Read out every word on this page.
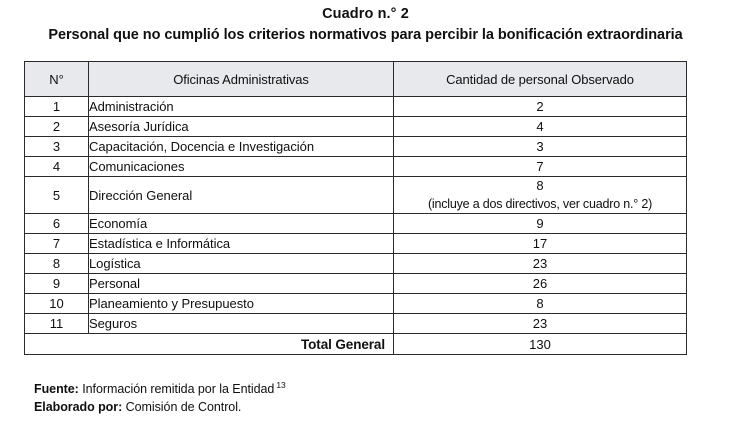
Cuadro n.° 2
Personal que no cumplió los criterios normativos para percibir la bonificación extraordinaria
N°	Oficinas Administrativas	Cantidad de personal Observado
1	Administración	2
2	Asesoría Jurídica	4
3	Capacitación, Docencia e Investigación	3
4	Comunicaciones	7
5	Dirección General	8
(incluye a dos directivos, ver cuadro n.° 2)

6	Economía	9
7	Estadística e Informática	17
8	Logística	23
9	Personal	26
10	Planeamiento y Presupuesto	8
11	Seguros	23
Total General		130
Fuente: Información remitida por la Entidad $^{13}$
Elaborado por: Comisión de Control.
